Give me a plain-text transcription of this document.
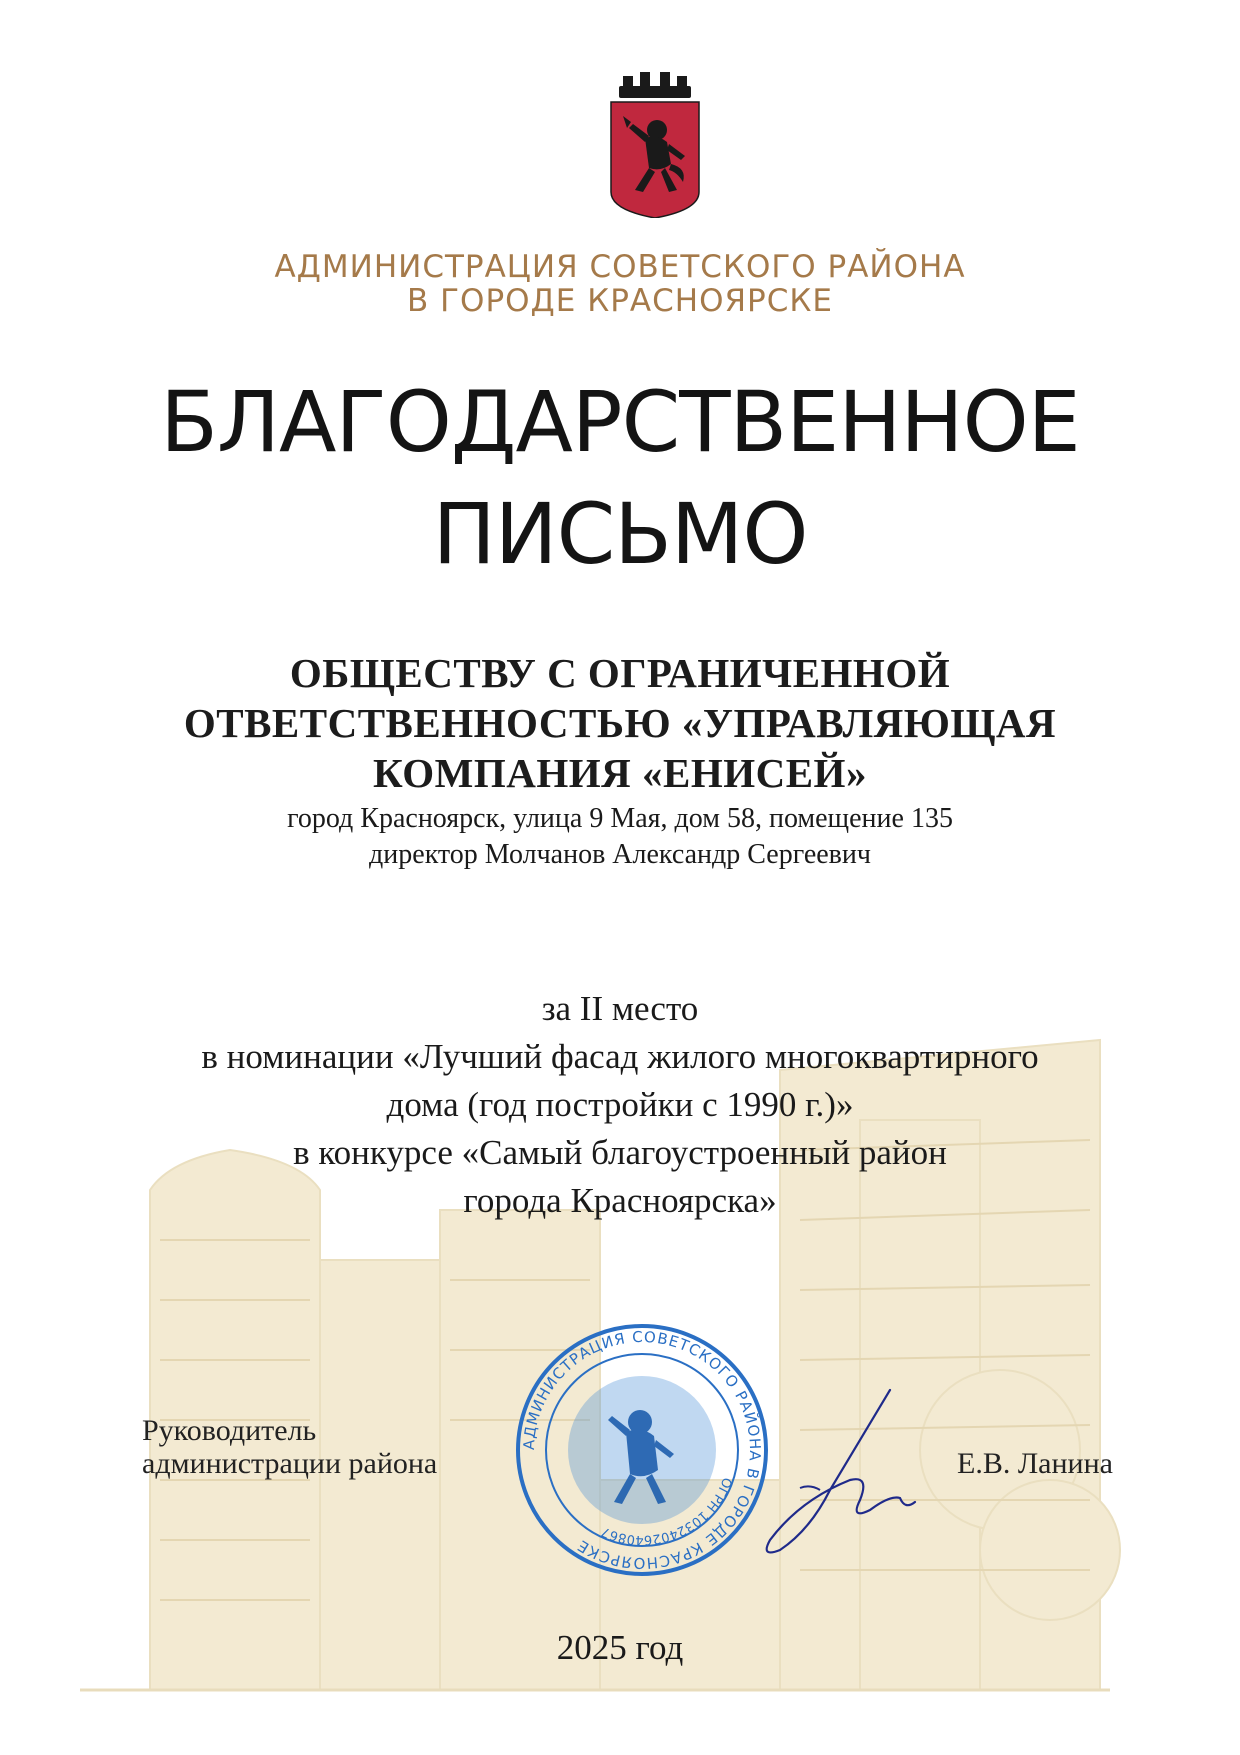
АДМИНИСТРАЦИЯ СОВЕТСКОГО РАЙОНА
В ГОРОДЕ КРАСНОЯРСКЕ
БЛАГОДАРСТВЕННОЕ
ПИСЬМО
ОБЩЕСТВУ С ОГРАНИЧЕННОЙ
ОТВЕТСТВЕННОСТЬЮ «УПРАВЛЯЮЩАЯ
КОМПАНИЯ «ЕНИСЕЙ»
город Красноярск, улица 9 Мая, дом 58, помещение 135
директор Молчанов Александр Сергеевич
за II место
в номинации «Лучший фасад жилого многоквартирного
дома (год постройки с 1990 г.)»
в конкурсе «Самый благоустроенный район
города Красноярска»
АДМИНИСТРАЦИЯ СОВЕТСКОГО РАЙОНА В ГОРОДЕ КРАСНОЯРСКЕ
ОГРН 1032402640867
Руководитель
администрации района	Е.В. Ланина
2025 год
